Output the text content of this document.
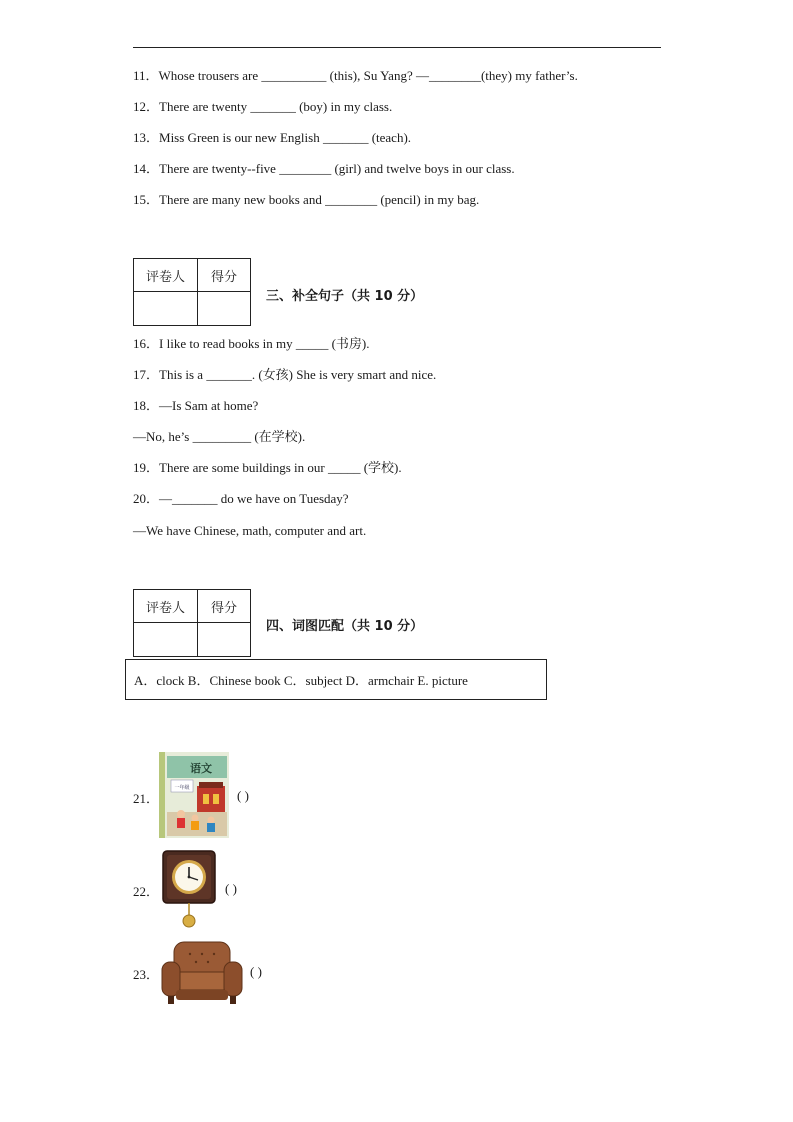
11．Whose trousers are __________ (this), Su Yang? —________(they) my father’s.
12．There are twenty _______ (boy) in my class.
13．Miss Green is our new English _______ (teach).
14．There are twenty--five ________ (girl) and twelve boys in our class.
15．There are many new books and ________ (pencil) in my bag.
评卷人	得分

三、补全句子（共 10 分）
16．I like to read books in my _____ (书房).
17．This is a _______. (女孩) She is very smart and nice.
18．—Is Sam at home?
—No, he’s _________ (在学校).
19．There are some buildings in our _____ (学校).
20．—_______ do we have on Tuesday?
—We have Chinese, math, computer and art.
评卷人	得分

四、词图匹配（共 10 分）
A．clock B．Chinese book C．subject D．armchair E. picture
21．
语文
一年级	( )
22．	( )
23．	( )
